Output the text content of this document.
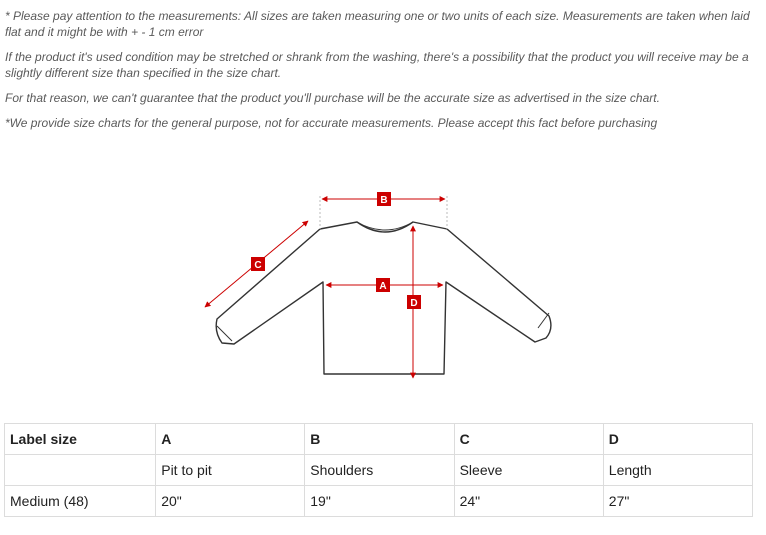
* Please pay attention to the measurements: All sizes are taken measuring one or two units of each size. Measurements are taken when laid flat and it might be with + - 1 cm error

If the product it's used condition may be stretched or shrank from the washing, there's a possibility that the product you will receive may be a slightly different size than specified in the size chart.

For that reason, we can't guarantee that the product you'll purchase will be the accurate size as advertised in the size chart.

*We provide size charts for the general purpose, not for accurate measurements. Please accept this fact before purchasing

B
C
A
D
Label size	A	B	C	D
	Pit to pit	Shoulders	Sleeve	Length
Medium (48)	20"	19"	24"	27"
